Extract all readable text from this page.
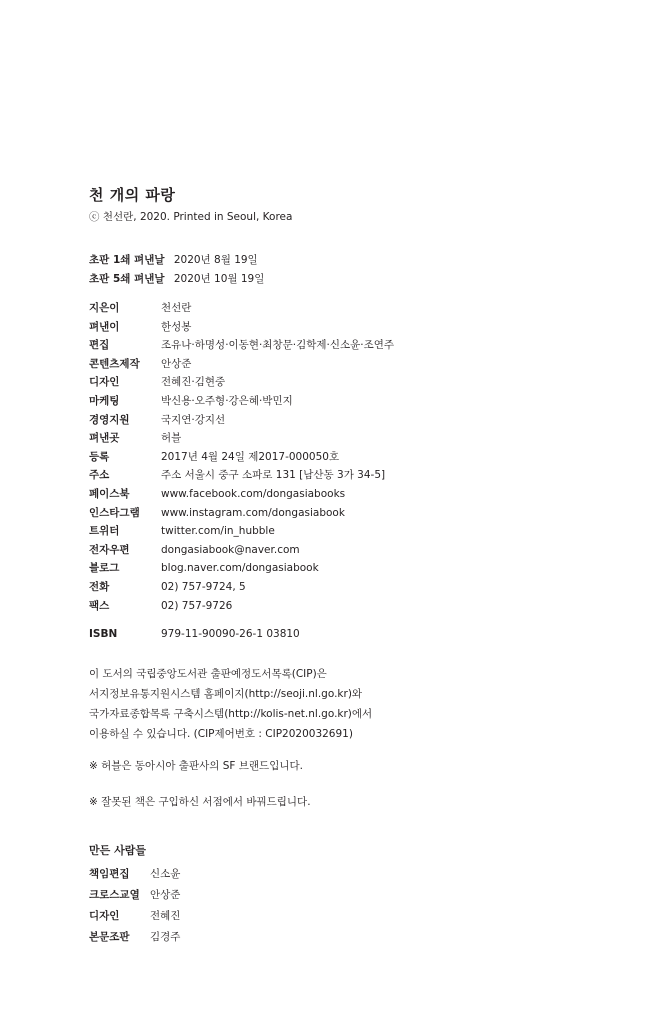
천 개의 파랑

ⓒ 천선란, 2020. Printed in Seoul, Korea

초판 1쇄 펴낸날 2020년 8월 19일
초판 5쇄 펴낸날 2020년 10월 19일
지은이	천선란
펴낸이	한성봉
편집	조유나·하명성·이동현·최창문·김학제·신소윤·조연주
콘텐츠제작	안상준
디자인	전혜진·김현중
마케팅	박신용·오주형·강은혜·박민지
경영지원	국지연·강지선
펴낸곳	허블
등록	2017년 4월 24일 제2017-000050호
주소	주소 서울시 중구 소파로 131 [남산동 3가 34-5]
페이스북	www.facebook.com/dongasiabooks
인스타그램	www.instagram.com/dongasiabook
트위터	twitter.com/in_hubble
전자우편	dongasiabook@naver.com
블로그	blog.naver.com/dongasiabook
전화	02) 757-9724, 5
팩스	02) 757-9726
ISBN	979-11-90090-26-1 03810
이 도서의 국립중앙도서관 출판예정도서목록(CIP)은
서지정보유통지원시스템 홈페이지(http://seoji.nl.go.kr)와
국가자료종합목록 구축시스템(http://kolis-net.nl.go.kr)에서
이용하실 수 있습니다. (CIP제어번호 : CIP2020032691)
※ 허블은 동아시아 출판사의 SF 브랜드입니다.
※ 잘못된 책은 구입하신 서점에서 바꿔드립니다.
만든 사람들
책임편집	신소윤
크로스교열 안상준
디자인	전혜진
본문조판	김경주
